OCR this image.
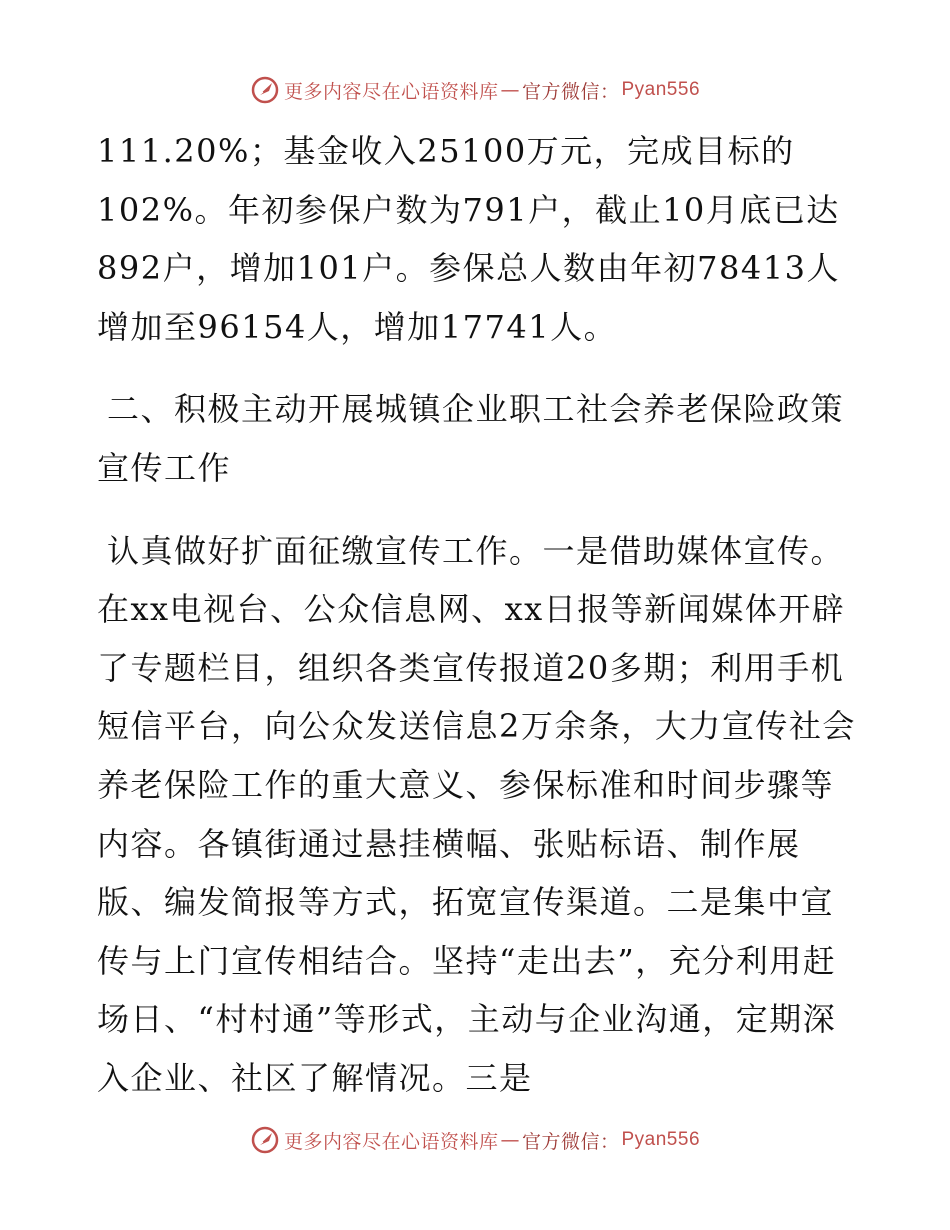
更多内容尽在心语资料库 — 官方微信： Pyan556

111.20%；基金收入25100万元，完成目标的102%。年初参保户数为791户，截止10月底已达892户，增加101户。参保总人数由年初78413人增加至96154人，增加17741人。

二、积极主动开展城镇企业职工社会养老保险政策宣传工作

认真做好扩面征缴宣传工作。一是借助媒体宣传。在xx电视台、公众信息网、xx日报等新闻媒体开辟了专题栏目，组织各类宣传报道20多期；利用手机短信平台，向公众发送信息2万余条，大力宣传社会养老保险工作的重大意义、参保标准和时间步骤等内容。各镇街通过悬挂横幅、张贴标语、制作展版、编发简报等方式，拓宽宣传渠道。二是集中宣传与上门宣传相结合。坚持“走出去”，充分利用赶场日、“村村通”等形式，主动与企业沟通，定期深入企业、社区了解情况。三是

更多内容尽在心语资料库 — 官方微信： Pyan556
